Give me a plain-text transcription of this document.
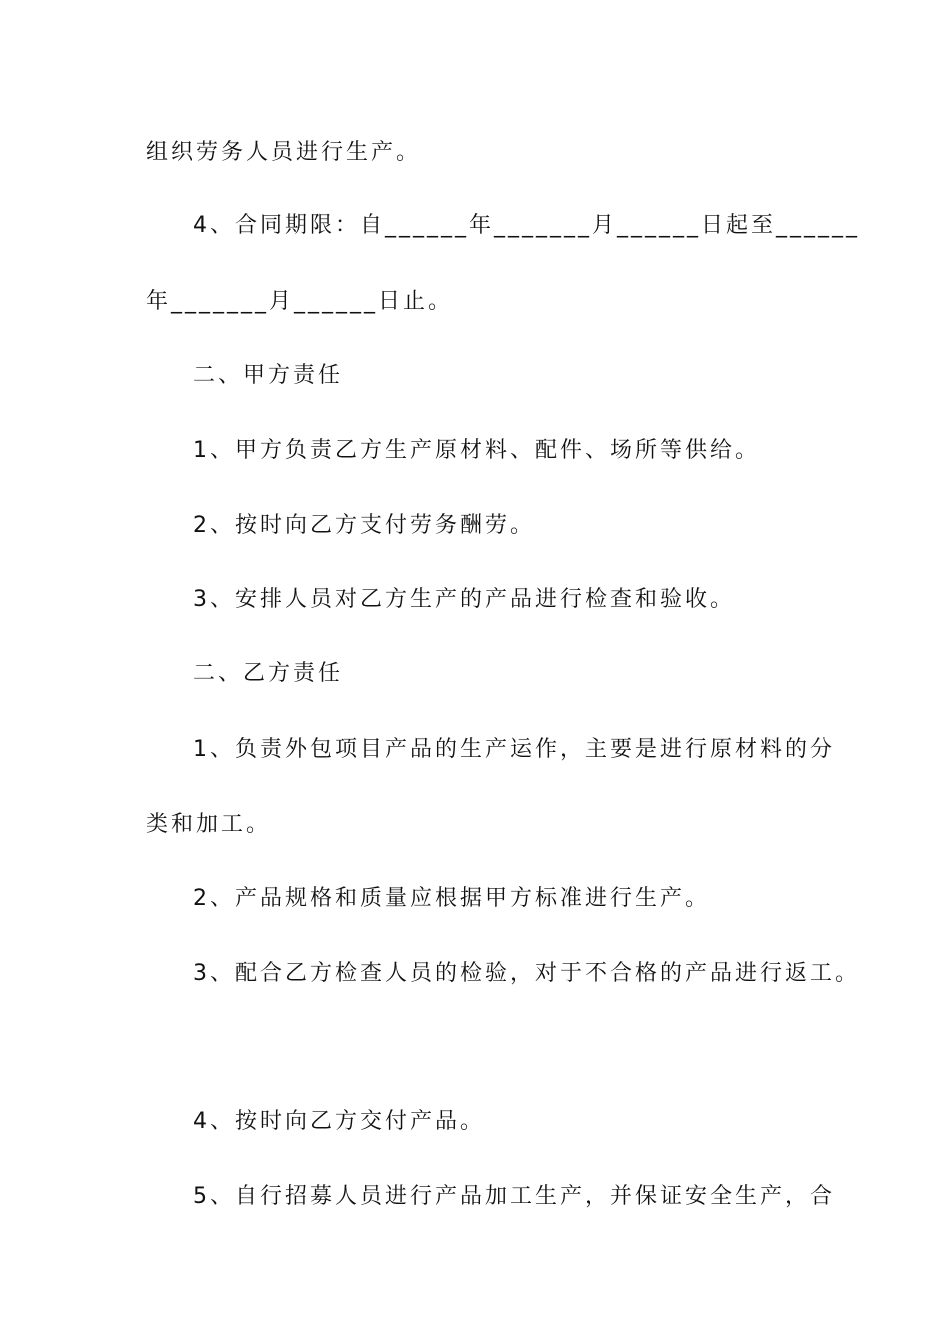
组织劳务人员进行生产。
4、合同期限：自______年_______月______日起至______
年_______月______日止。
二、甲方责任
1、甲方负责乙方生产原材料、配件、场所等供给。
2、按时向乙方支付劳务酬劳。
3、安排人员对乙方生产的产品进行检查和验收。
二、乙方责任
1、负责外包项目产品的生产运作，主要是进行原材料的分
类和加工。
2、产品规格和质量应根据甲方标准进行生产。
3、配合乙方检查人员的检验，对于不合格的产品进行返工。
4、按时向乙方交付产品。
5、自行招募人员进行产品加工生产，并保证安全生产，合
